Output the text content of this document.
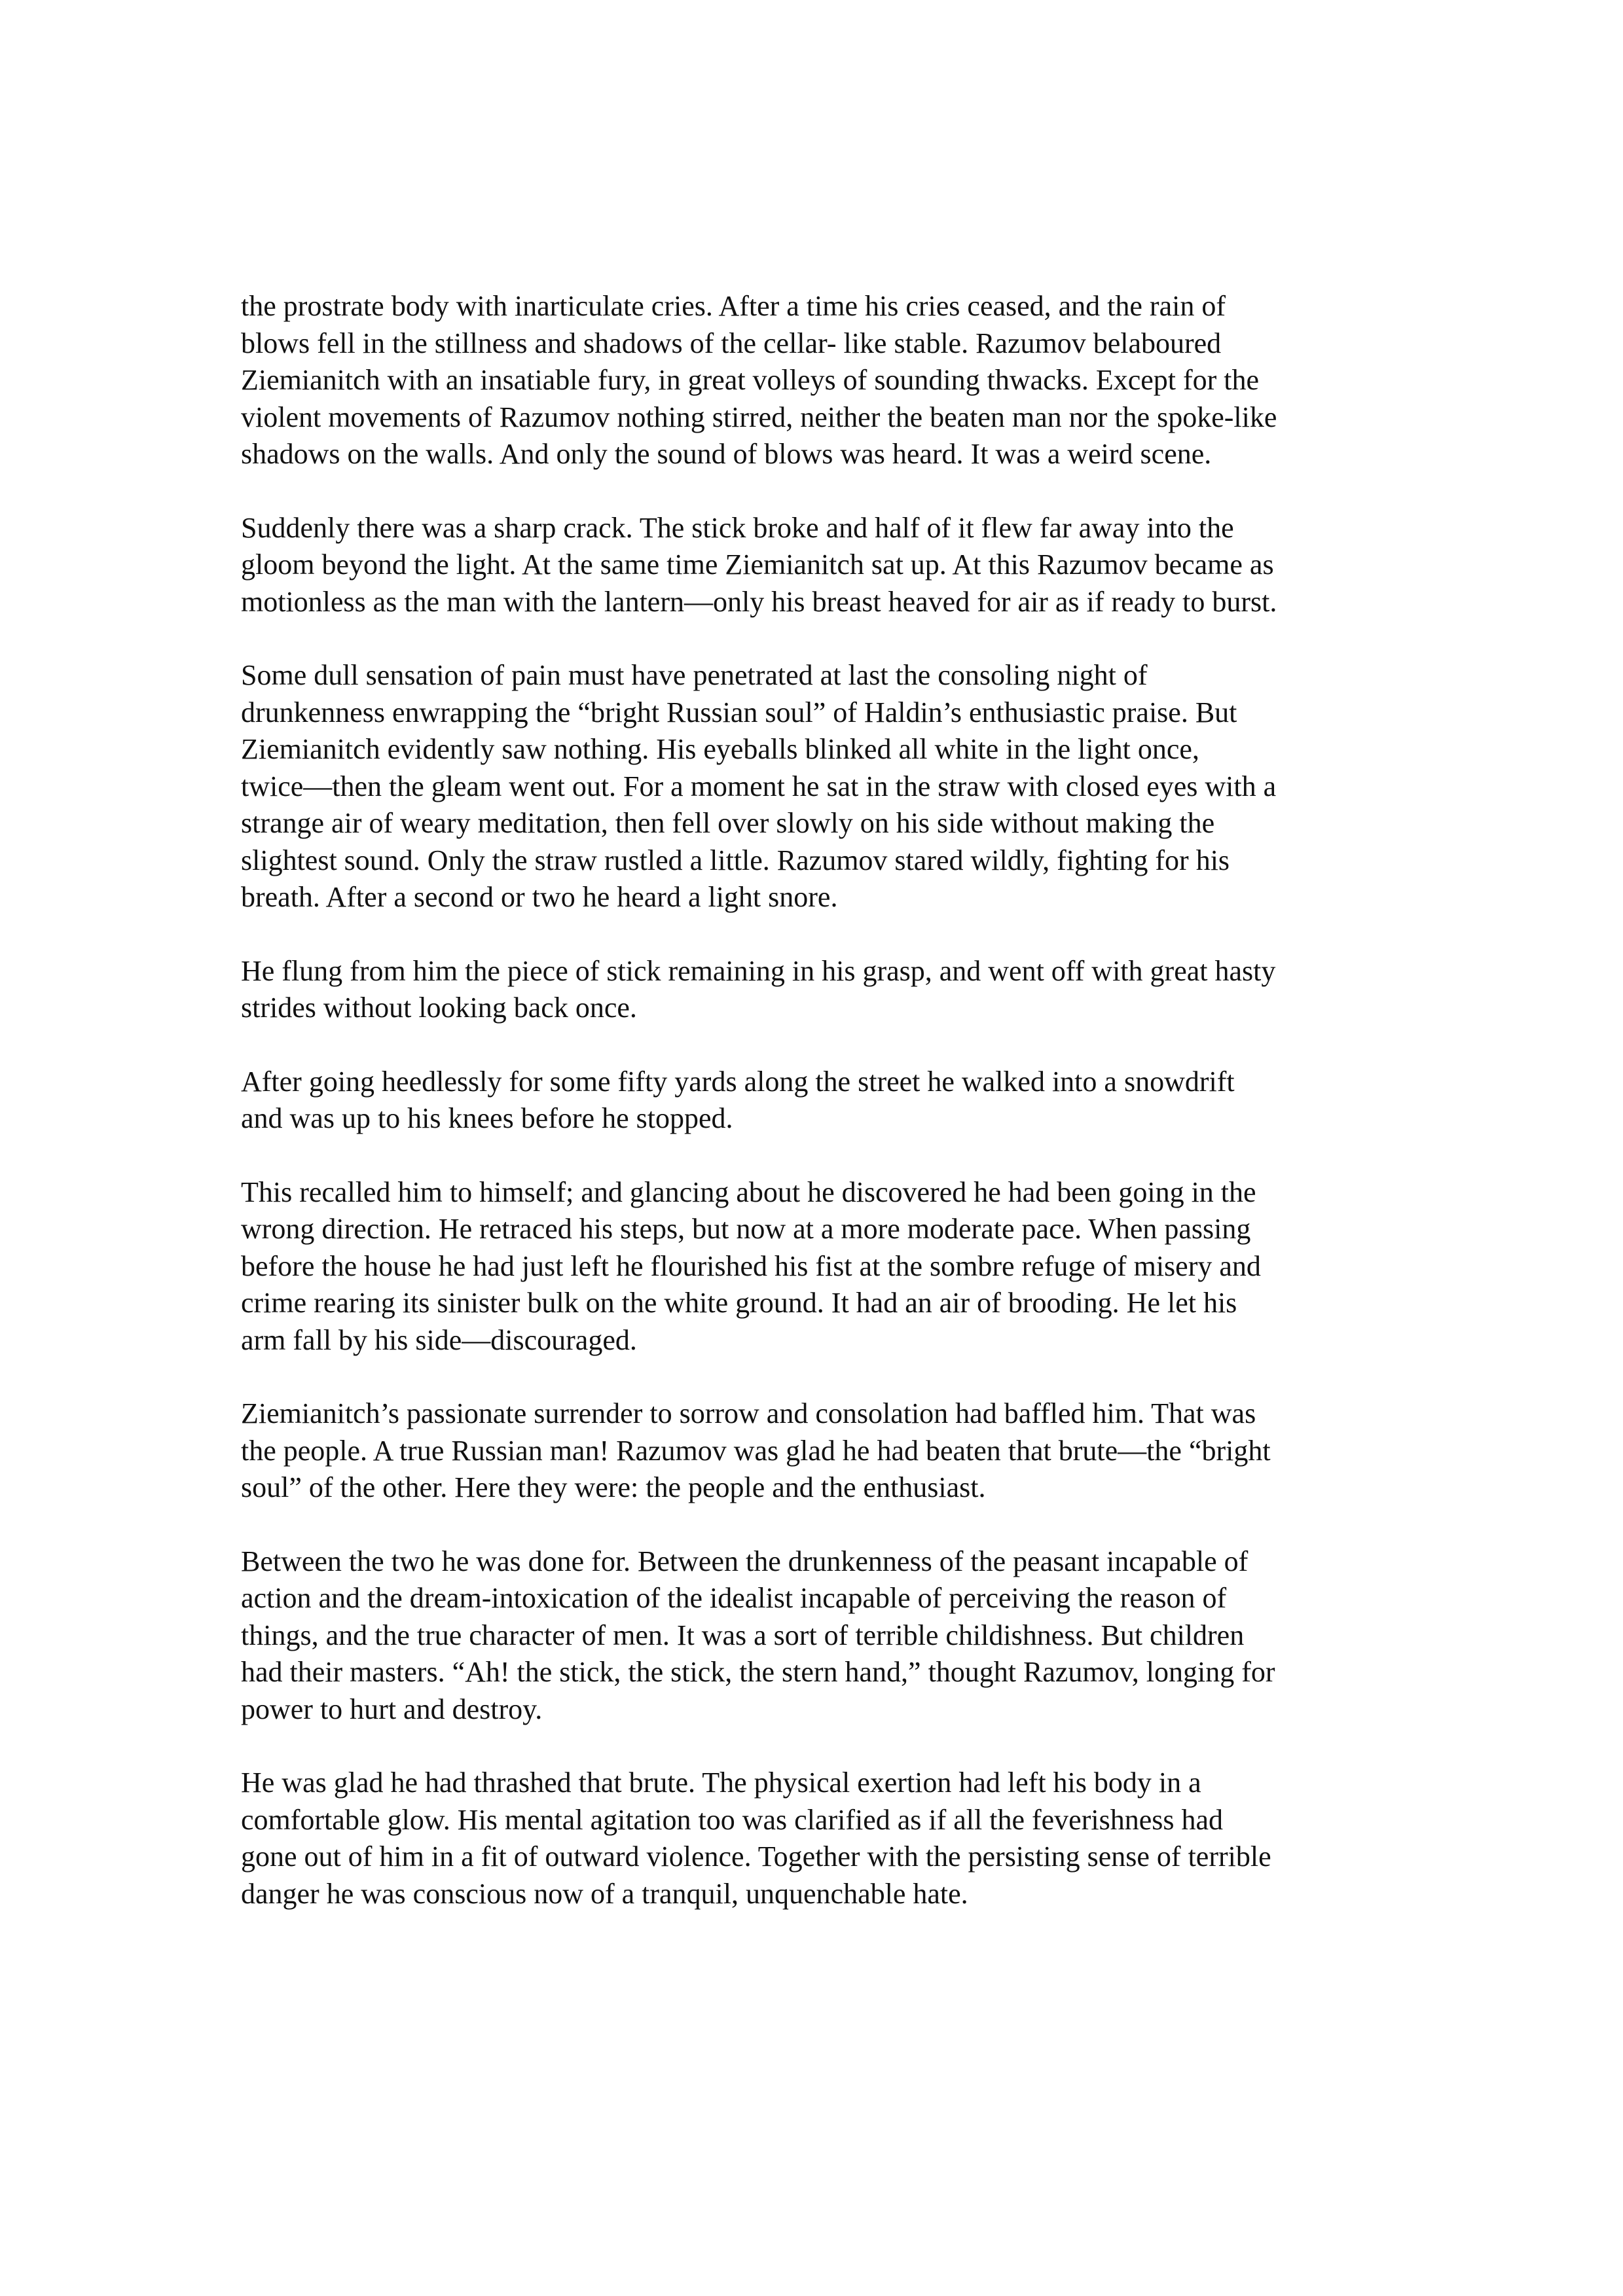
the prostrate body with inarticulate cries. After a time his cries ceased, and the rain of
blows fell in the stillness and shadows of the cellar- like stable. Razumov belaboured
Ziemianitch with an insatiable fury, in great volleys of sounding thwacks. Except for the
violent movements of Razumov nothing stirred, neither the beaten man nor the spoke-like
shadows on the walls. And only the sound of blows was heard. It was a weird scene.

Suddenly there was a sharp crack. The stick broke and half of it flew far away into the
gloom beyond the light. At the same time Ziemianitch sat up. At this Razumov became as
motionless as the man with the lantern—only his breast heaved for air as if ready to burst.

Some dull sensation of pain must have penetrated at last the consoling night of
drunkenness enwrapping the “bright Russian soul” of Haldin’s enthusiastic praise. But
Ziemianitch evidently saw nothing. His eyeballs blinked all white in the light once,
twice—then the gleam went out. For a moment he sat in the straw with closed eyes with a
strange air of weary meditation, then fell over slowly on his side without making the
slightest sound. Only the straw rustled a little. Razumov stared wildly, fighting for his
breath. After a second or two he heard a light snore.

He flung from him the piece of stick remaining in his grasp, and went off with great hasty
strides without looking back once.

After going heedlessly for some fifty yards along the street he walked into a snowdrift
and was up to his knees before he stopped.

This recalled him to himself; and glancing about he discovered he had been going in the
wrong direction. He retraced his steps, but now at a more moderate pace. When passing
before the house he had just left he flourished his fist at the sombre refuge of misery and
crime rearing its sinister bulk on the white ground. It had an air of brooding. He let his
arm fall by his side—discouraged.

Ziemianitch’s passionate surrender to sorrow and consolation had baffled him. That was
the people. A true Russian man! Razumov was glad he had beaten that brute—the “bright
soul” of the other. Here they were: the people and the enthusiast.

Between the two he was done for. Between the drunkenness of the peasant incapable of
action and the dream-intoxication of the idealist incapable of perceiving the reason of
things, and the true character of men. It was a sort of terrible childishness. But children
had their masters. “Ah! the stick, the stick, the stern hand,” thought Razumov, longing for
power to hurt and destroy.

He was glad he had thrashed that brute. The physical exertion had left his body in a
comfortable glow. His mental agitation too was clarified as if all the feverishness had
gone out of him in a fit of outward violence. Together with the persisting sense of terrible
danger he was conscious now of a tranquil, unquenchable hate.
